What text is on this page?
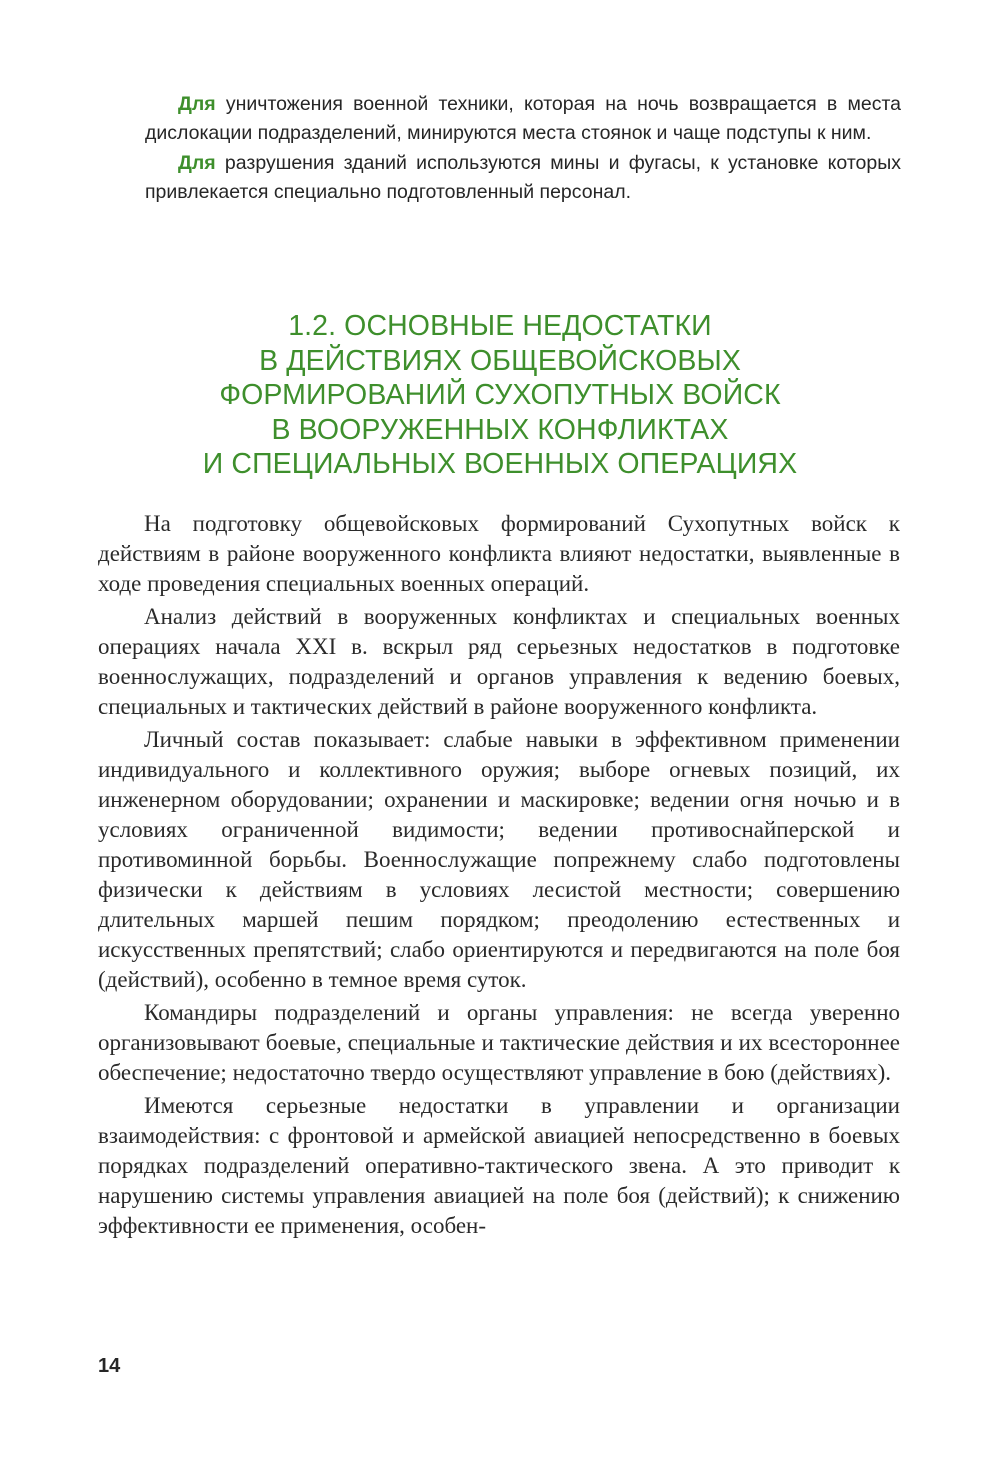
Для уничтожения военной техники, которая на ночь возвращается в места дислокации подразделений, минируются места стоянок и чаще подступы к ним.

Для разрушения зданий используются мины и фугасы, к установке которых привлекается специально подготовленный персонал.

1.2. ОСНОВНЫЕ НЕДОСТАТКИ
В ДЕЙСТВИЯХ ОБЩЕВОЙСКОВЫХ
ФОРМИРОВАНИЙ СУХОПУТНЫХ ВОЙСК
В ВООРУЖЕННЫХ КОНФЛИКТАХ
И СПЕЦИАЛЬНЫХ ВОЕННЫХ ОПЕРАЦИЯХ

На подготовку общевойсковых формирований Сухопутных войск к действиям в районе вооруженного конфликта влияют недостатки, выявленные в ходе проведения специальных военных операций.

Анализ действий в вооруженных конфликтах и специальных военных операциях начала XXI в. вскрыл ряд серьезных недостатков в подготовке военнослужащих, подразделений и органов управления к ведению боевых, специальных и тактических действий в районе вооруженного конфликта.

Личный состав показывает: слабые навыки в эффективном применении индивидуального и коллективного оружия; выборе огневых позиций, их инженерном оборудовании; охранении и маскировке; ведении огня ночью и в условиях ограниченной видимости; ведении противоснайперской и противоминной борьбы. Военнослужащие попрежнему слабо подготовлены физически к действиям в условиях лесистой местности; совершению длительных маршей пешим порядком; преодолению естественных и искусственных препятствий; слабо ориентируются и передвигаются на поле боя (действий), особенно в темное время суток.

Командиры подразделений и органы управления: не всегда уверенно организовывают боевые, специальные и тактические действия и их всестороннее обеспечение; недостаточно твердо осуществляют управление в бою (действиях).

Имеются серьезные недостатки в управлении и организации взаимодействия: с фронтовой и армейской авиацией непосредственно в боевых порядках подразделений оперативно-тактического звена. А это приводит к нарушению системы управления авиацией на поле боя (действий); к снижению эффективности ее применения, особен-

14
